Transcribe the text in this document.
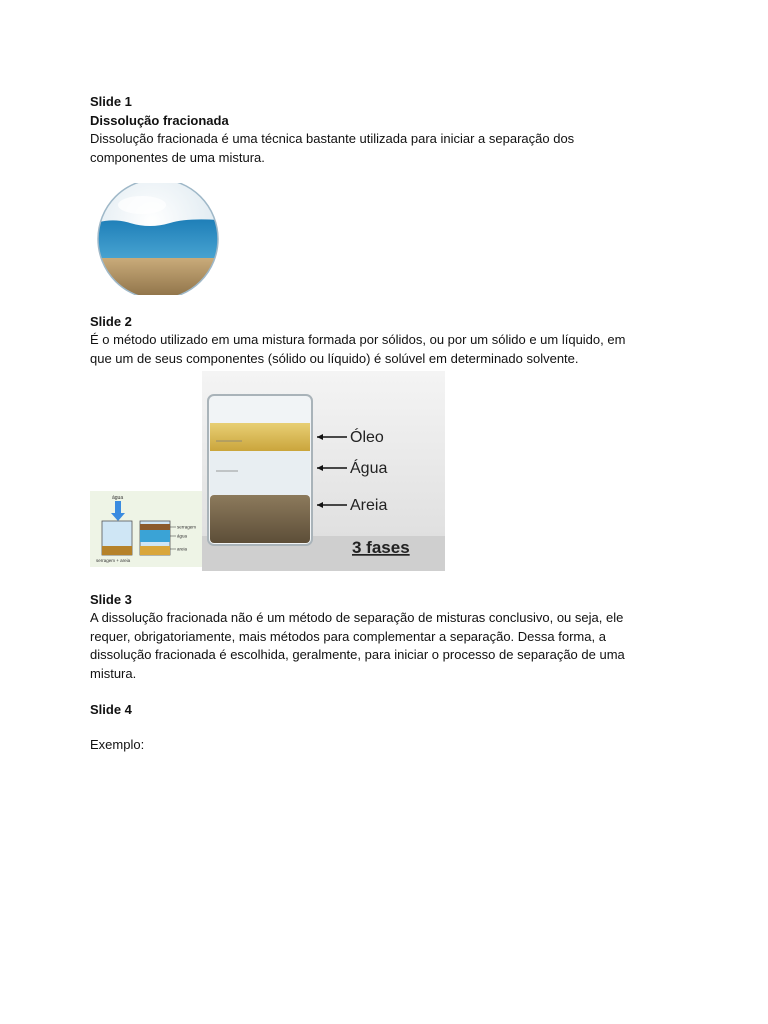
Slide 1

Dissolução fracionada

Dissolução fracionada é uma técnica bastante utilizada para iniciar a separação dos

componentes de uma mistura.

Slide 2

É o método utilizado em uma mistura formada por sólidos, ou por um sólido e um líquido, em

que um de seus componentes (sólido ou líquido) é solúvel em determinado solvente.

água
serragem
água
areia
serragem + areia
Óleo
Água
Areia
3 fases

Slide 3

A dissolução fracionada não é um método de separação de misturas conclusivo, ou seja, ele

requer, obrigatoriamente, mais métodos para complementar a separação. Dessa forma, a

dissolução fracionada é escolhida, geralmente, para iniciar o processo de separação de uma

mistura.

Slide 4

Exemplo:
